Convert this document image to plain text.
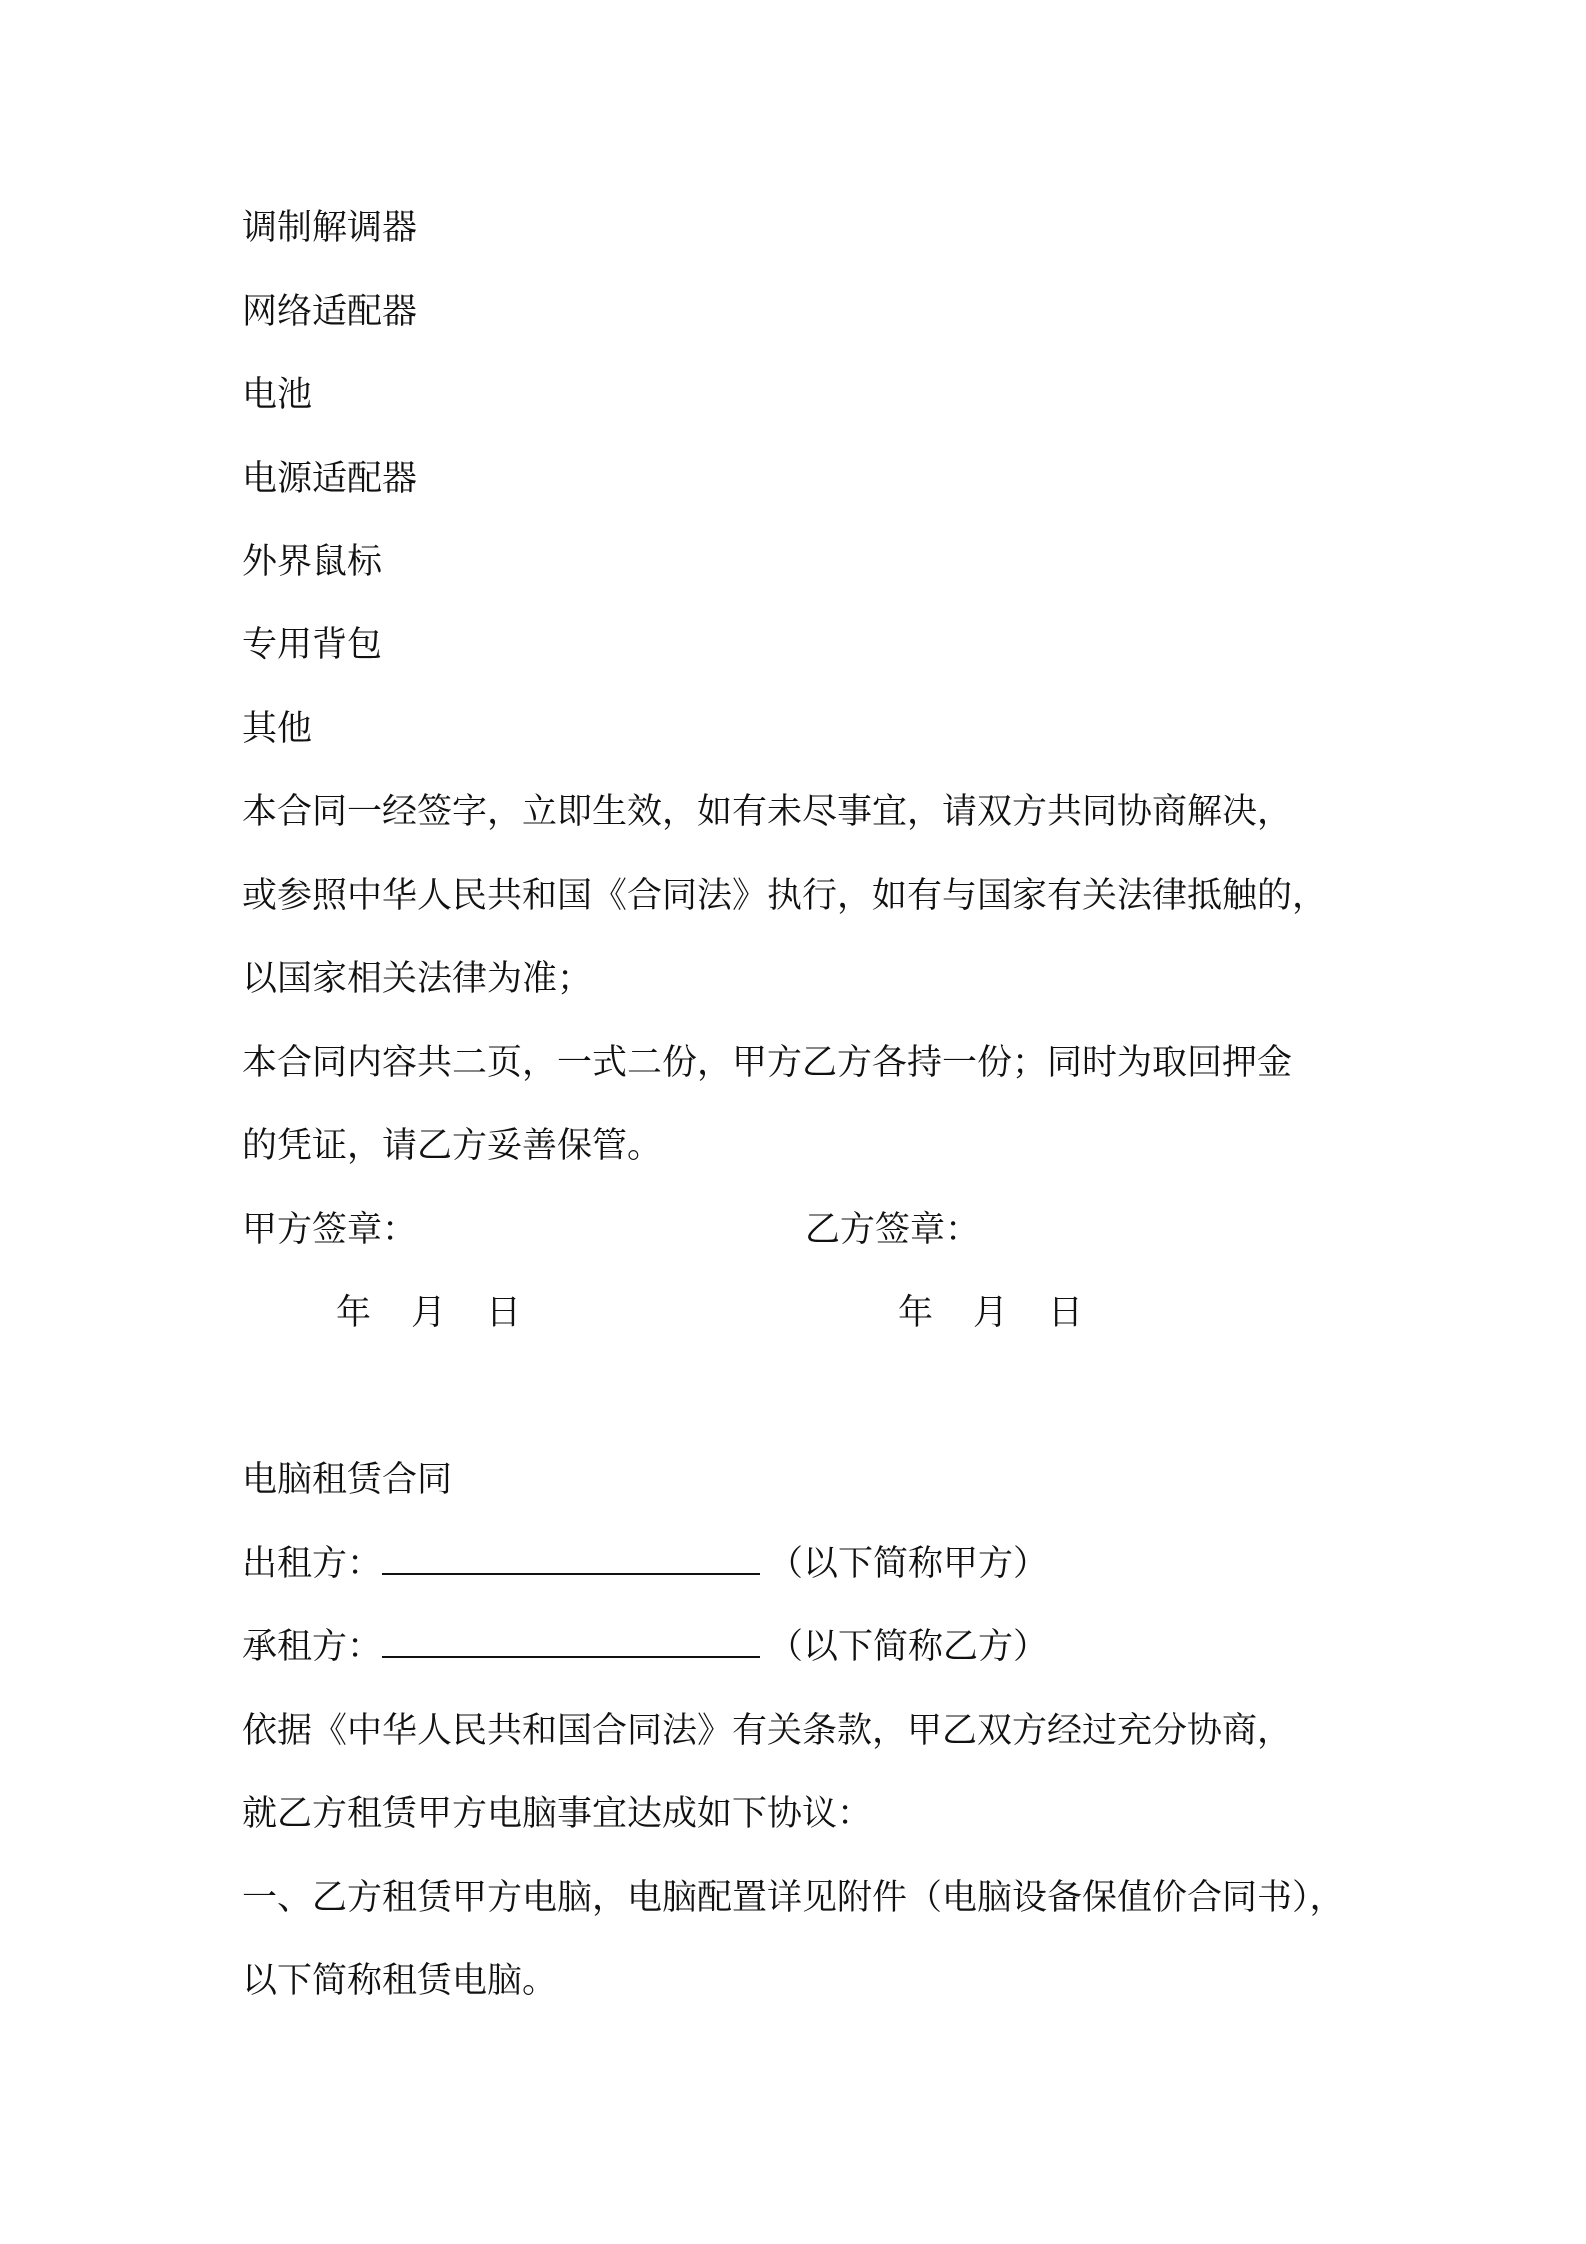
调制解调器
网络适配器
电池
电源适配器
外界鼠标
专用背包
其他
本合同一经签字，立即生效，如有未尽事宜，请双方共同协商解决，
或参照中华人民共和国《合同法》执行，如有与国家有关法律抵触的，
以国家相关法律为准；
本合同内容共二页，一式二份，甲方乙方各持一份；同时为取回押金
的凭证，请乙方妥善保管。
甲方签章：	乙方签章：
年 月 日	年 月 日
电脑租赁合同
出租方：	（以下简称甲方）
承租方：	（以下简称乙方）
依据《中华人民共和国合同法》有关条款，甲乙双方经过充分协商，
就乙方租赁甲方电脑事宜达成如下协议：
一、乙方租赁甲方电脑，电脑配置详见附件（电脑设备保值价合同书），
以下简称租赁电脑。
